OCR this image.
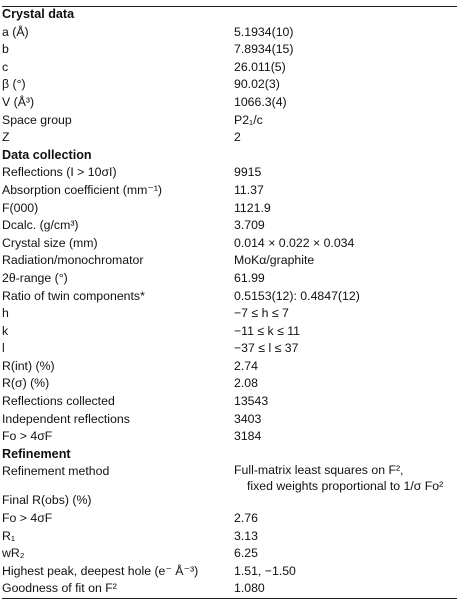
Crystal data
a (Å)	5.1934(10)
b	7.8934(15)
c	26.011(5)
β (°)	90.02(3)
V (Å³)	1066.3(4)
Space group	P2₁/c
Z	2
Data collection
Reflections (I > 10σI)	9915
Absorption coefficient (mm⁻¹)	11.37
F(000)	1121.9
Dcalc. (g/cm³)	3.709
Crystal size (mm)	0.014 × 0.022 × 0.034
Radiation/monochromator	MoKα/graphite
2θ-range (°)	61.99
Ratio of twin components*	0.5153(12): 0.4847(12)
h	−7 ≤ h ≤ 7
k	−11 ≤ k ≤ 11
l	−37 ≤ l ≤ 37
R(int) (%)	2.74
R(σ) (%)	2.08
Reflections collected	13543
Independent reflections	3403
Fo > 4σF	3184
Refinement
Refinement method	Full-matrix least squares on F²,
fixed weights proportional to 1/σ Fo²
Final R(obs) (%)
Fo > 4σF	2.76
R₁	3.13
wR₂	6.25
Highest peak, deepest hole (e⁻ Å⁻³)	1.51, −1.50
Goodness of fit on F²	1.080
